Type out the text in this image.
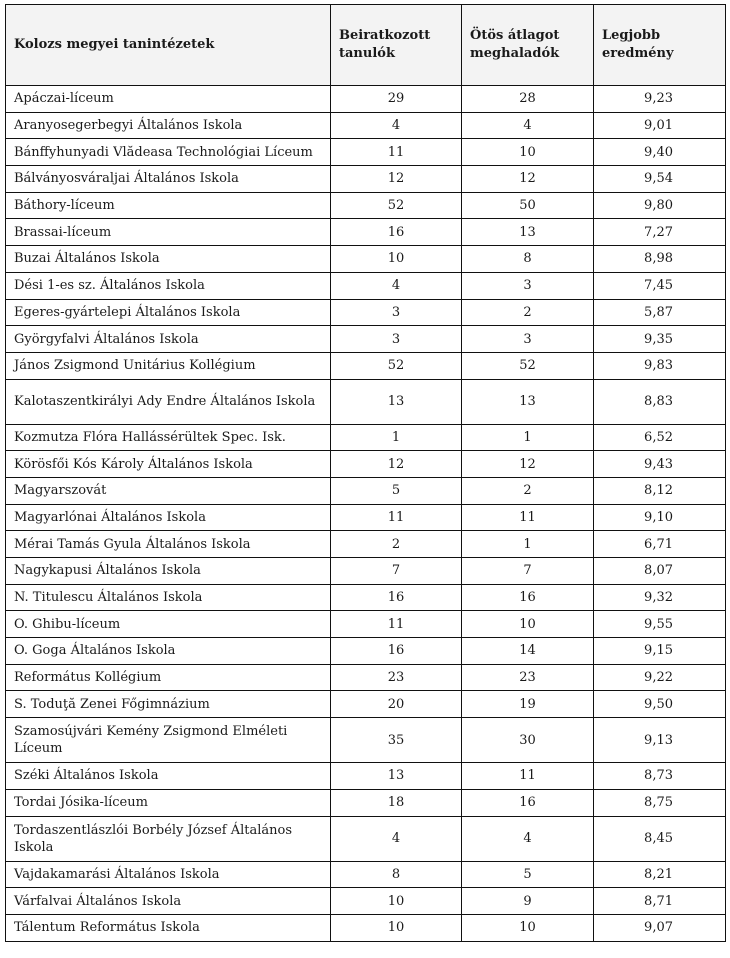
Kolozs megyei tanintézetek	Beiratkozott tanulók	Ötös átlagot meghaladók	Legjobb eredmény
Apáczai-líceum	29	28	9,23
Aranyosegerbegyi Általános Iskola	4	4	9,01
Bánffyhunyadi Vlădeasa Technológiai Líceum	11	10	9,40
Bálványosváraljai Általános Iskola	12	12	9,54
Báthory-líceum	52	50	9,80
Brassai-líceum	16	13	7,27
Buzai Általános Iskola	10	8	8,98
Dési 1-es sz. Általános Iskola	4	3	7,45
Egeres-gyártelepi Általános Iskola	3	2	5,87
Györgyfalvi Általános Iskola	3	3	9,35
János Zsigmond Unitárius Kollégium	52	52	9,83
Kalotaszentkirályi Ady Endre Általános Iskola	13	13	8,83
Kozmutza Flóra Hallássérültek Spec. Isk.	1	1	6,52
Körösfői Kós Károly Általános Iskola	12	12	9,43
Magyarszovát	5	2	8,12
Magyarlónai Általános Iskola	11	11	9,10
Mérai Tamás Gyula Általános Iskola	2	1	6,71
Nagykapusi Általános Iskola	7	7	8,07
N. Titulescu Általános Iskola	16	16	9,32
O. Ghibu-líceum	11	10	9,55
O. Goga Általános Iskola	16	14	9,15
Református Kollégium	23	23	9,22
S. Toduţă Zenei Főgimnázium	20	19	9,50
Szamosújvári Kemény Zsigmond Elméleti Líceum	35	30	9,13
Széki Általános Iskola	13	11	8,73
Tordai Jósika-líceum	18	16	8,75
Tordaszentlászlói Borbély József Általános Iskola	4	4	8,45
Vajdakamarási Általános Iskola	8	5	8,21
Várfalvai Általános Iskola	10	9	8,71
Tálentum Református Iskola	10	10	9,07
